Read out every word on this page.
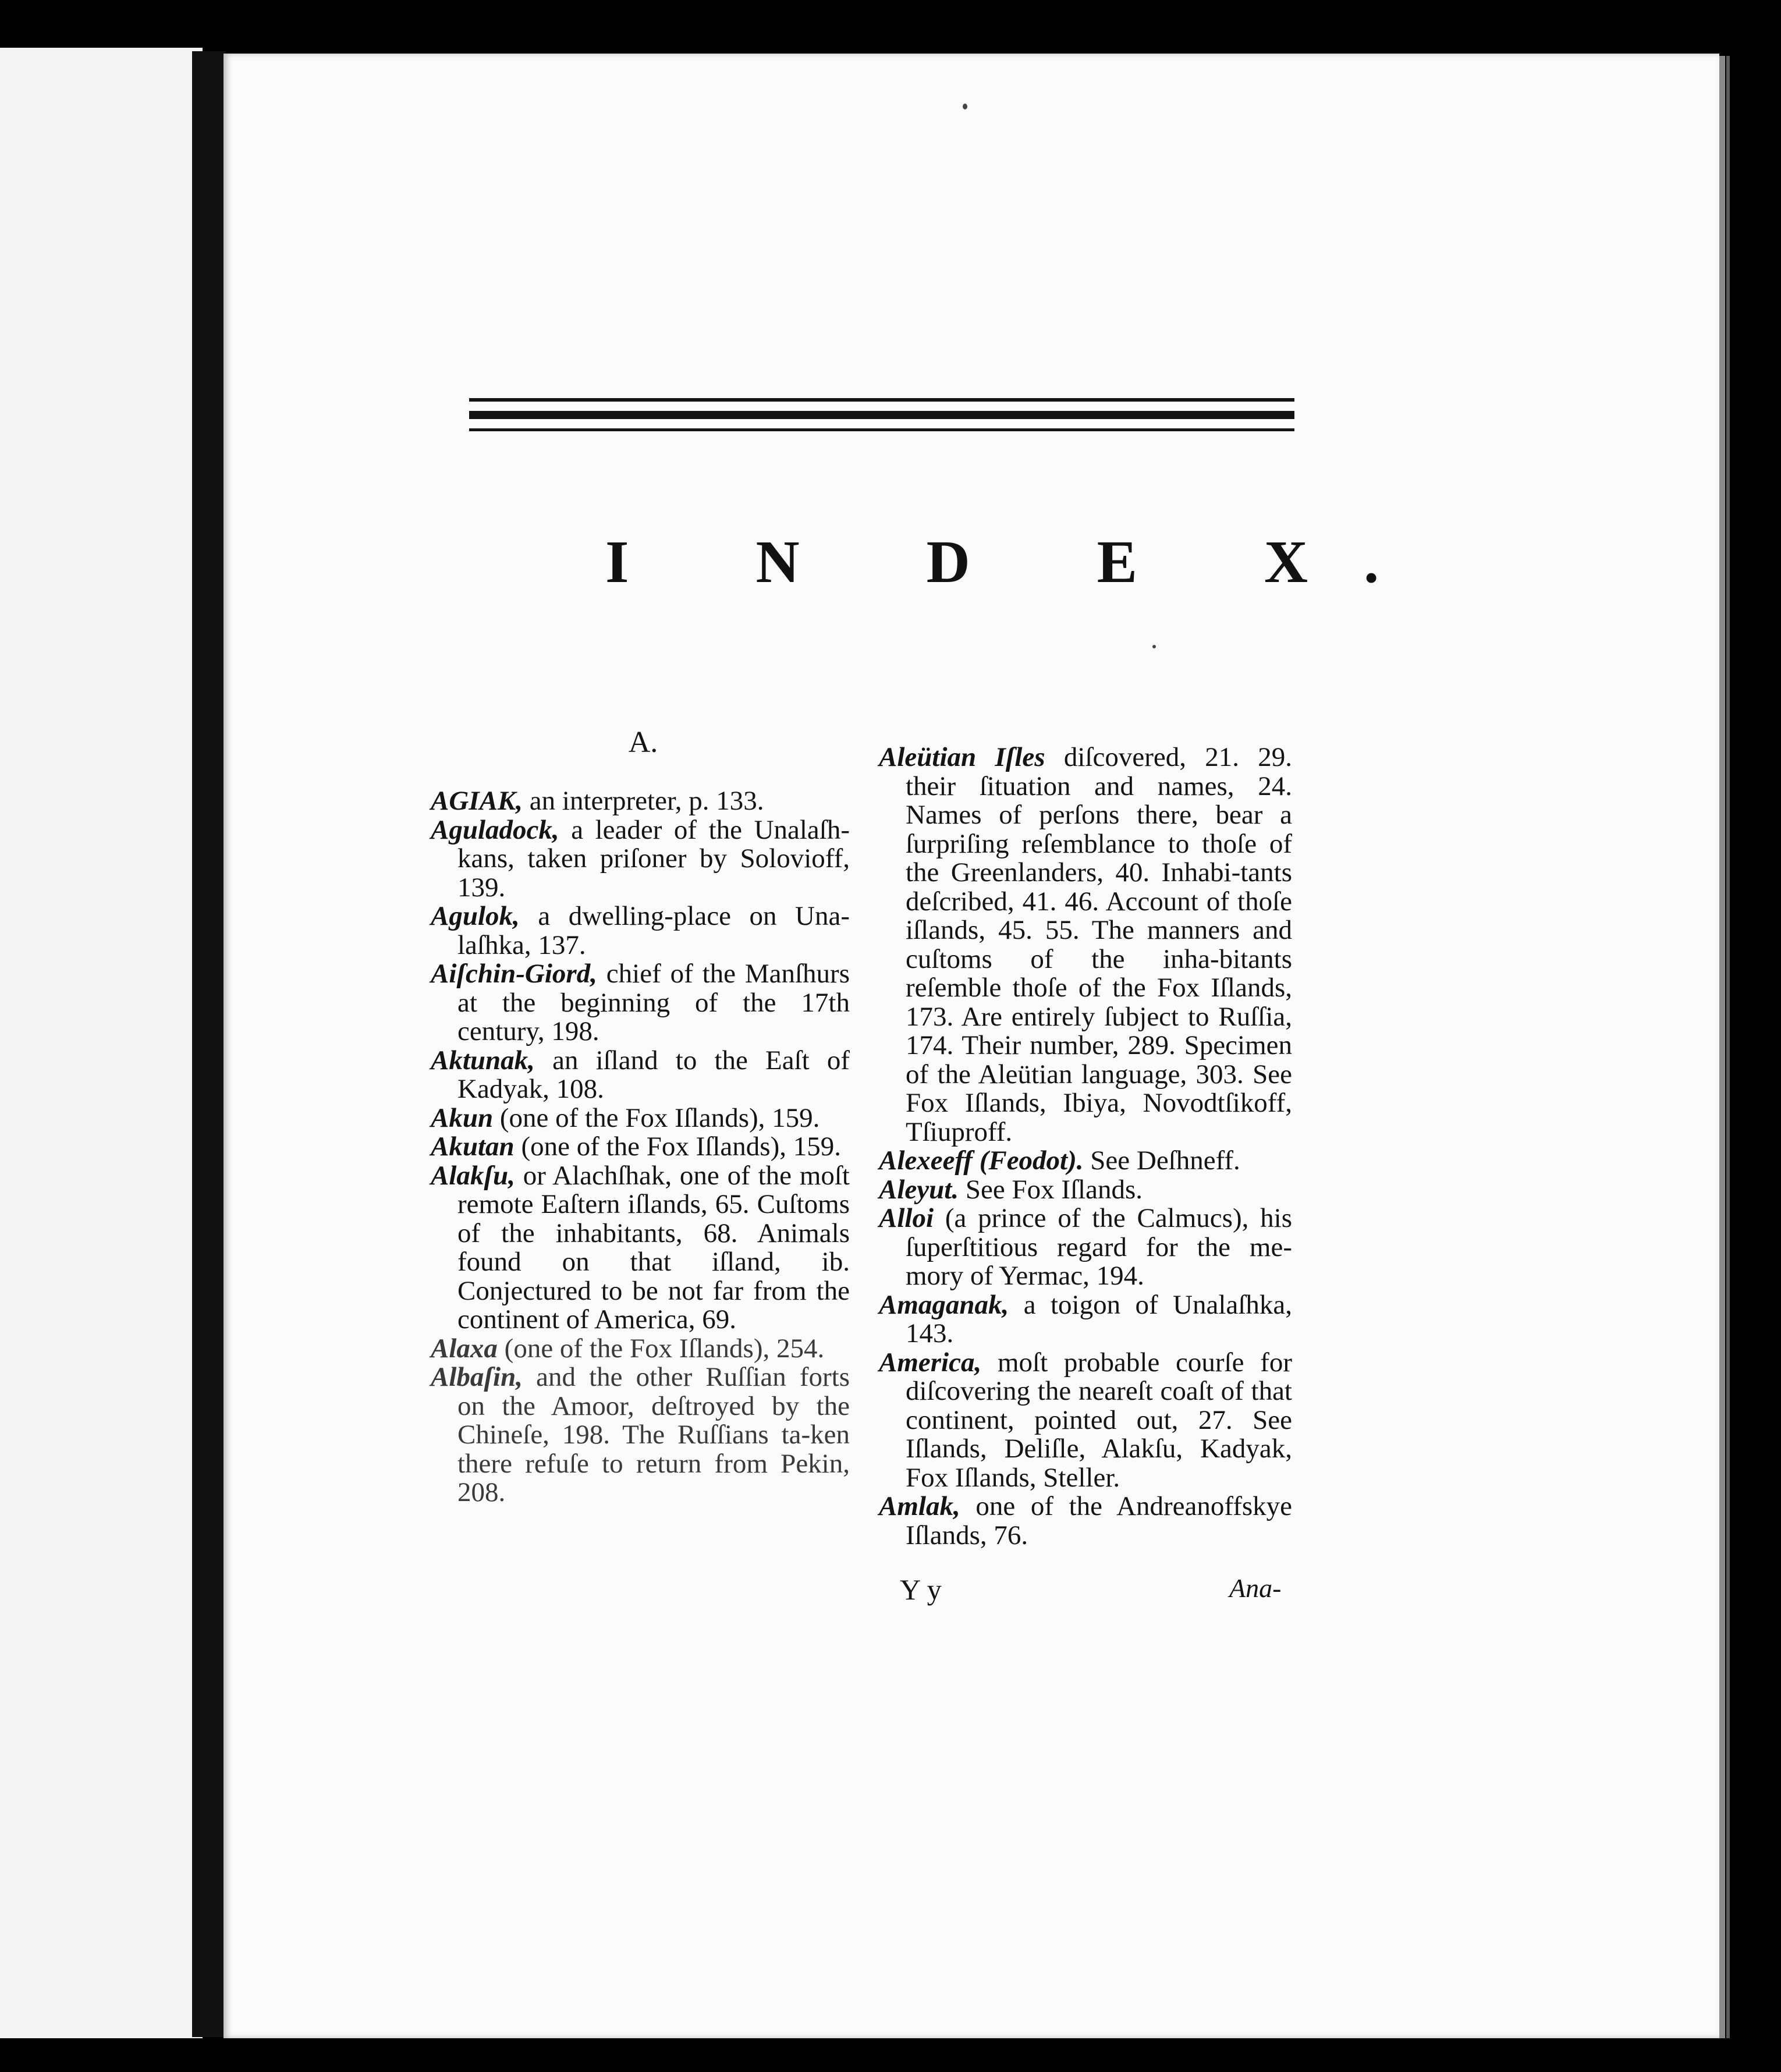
I N D E X.
A.

AGIAK, an interpreter, p. 133.

Aguladock, a leader of the Unalaſh-kans, taken priſoner by Solovioff, 139.

Agulok, a dwelling-place on Una-laſhka, 137.

Aiſchin-Giord, chief of the Manſhurs at the beginning of the 17th century, 198.

Aktunak, an iſland to the Eaſt of Kadyak, 108.

Akun (one of the Fox Iſlands), 159.

Akutan (one of the Fox Iſlands), 159.

Alakſu, or Alachſhak, one of the moſt remote Eaſtern iſlands, 65. Cuſtoms of the inhabitants, 68. Animals found on that iſland, ib. Conjectured to be not far from the continent of America, 69.

Alaxa (one of the Fox Iſlands), 254.

Albaſin, and the other Ruſſian forts on the Amoor, deſtroyed by the Chineſe, 198. The Ruſſians ta-ken there refuſe to return from Pekin, 208.

Aleütian Iſles diſcovered, 21. 29. their ſituation and names, 24. Names of perſons there, bear a ſurpriſing reſemblance to thoſe of the Greenlanders, 40. Inhabi-tants deſcribed, 41. 46. Account of thoſe iſlands, 45. 55. The manners and cuſtoms of the inha-bitants reſemble thoſe of the Fox Iſlands, 173. Are entirely ſubject to Ruſſia, 174. Their number, 289. Specimen of the Aleütian language, 303. See Fox Iſlands, Ibiya, Novodtſikoff, Tſiuproff.

Alexeeff (Feodot). See Deſhneff.

Aleyut. See Fox Iſlands.

Alloi (a prince of the Calmucs), his ſuperſtitious regard for the me-mory of Yermac, 194.

Amaganak, a toigon of Unalaſhka, 143.

America, moſt probable courſe for diſcovering the neareſt coaſt of that continent, pointed out, 27. See Iſlands, Deliſle, Alakſu, Kadyak, Fox Iſlands, Steller.

Amlak, one of the Andreanoffskye Iſlands, 76.

Y y	Ana-
